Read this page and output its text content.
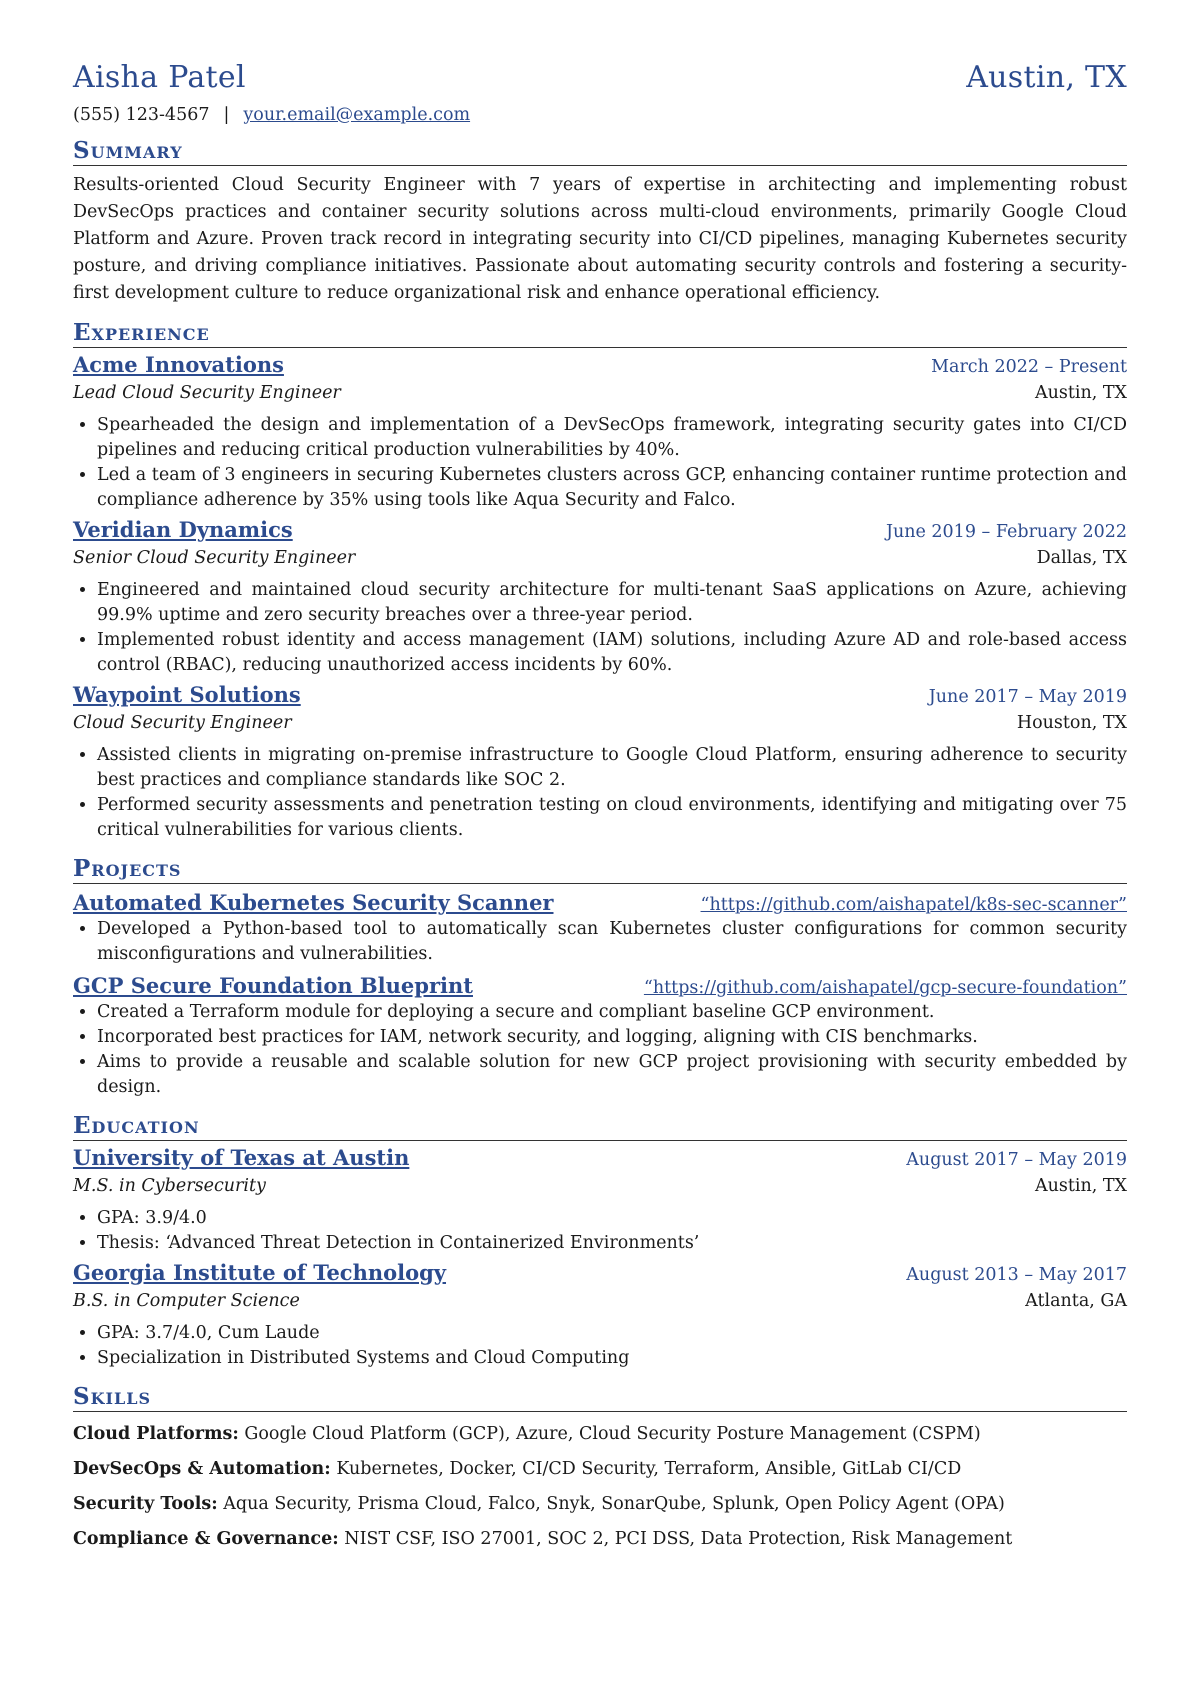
Aisha Patel	Austin, TX
(555) 123-4567 | your.email@example.com
Summary
Results-oriented Cloud Security Engineer with 7 years of expertise in architecting and implementing robust DevSecOps practices and container security solutions across multi-cloud environments, primarily Google Cloud Platform and Azure. Proven track record in integrating security into CI/CD pipelines, managing Kubernetes security posture, and driving compliance initiatives. Passionate about automating security controls and fostering a security-first development culture to reduce organizational risk and enhance operational efficiency.
Experience
Acme Innovations	March 2022 – Present
Lead Cloud Security Engineer	Austin, TX
• Spearheaded the design and implementation of a DevSecOps framework, integrating security gates into CI/CD pipelines and reducing critical production vulnerabilities by 40%.
• Led a team of 3 engineers in securing Kubernetes clusters across GCP, enhancing container runtime protection and compliance adherence by 35% using tools like Aqua Security and Falco.
Veridian Dynamics	June 2019 – February 2022
Senior Cloud Security Engineer	Dallas, TX
• Engineered and maintained cloud security architecture for multi-tenant SaaS applications on Azure, achieving 99.9% uptime and zero security breaches over a three-year period.
• Implemented robust identity and access management (IAM) solutions, including Azure AD and role-based access control (RBAC), reducing unauthorized access incidents by 60%.
Waypoint Solutions	June 2017 – May 2019
Cloud Security Engineer	Houston, TX
• Assisted clients in migrating on-premise infrastructure to Google Cloud Platform, ensuring adherence to security best practices and compliance standards like SOC 2.
• Performed security assessments and penetration testing on cloud environments, identifying and mitigating over 75 critical vulnerabilities for various clients.
Projects
Automated Kubernetes Security Scanner	“https://github.com/aishapatel/k8s-sec-scanner”
• Developed a Python-based tool to automatically scan Kubernetes cluster configurations for common security misconfigurations and vulnerabilities.
GCP Secure Foundation Blueprint	“https://github.com/aishapatel/gcp-secure-foundation”
• Created a Terraform module for deploying a secure and compliant baseline GCP environment.
• Incorporated best practices for IAM, network security, and logging, aligning with CIS benchmarks.
• Aims to provide a reusable and scalable solution for new GCP project provisioning with security embedded by design.
Education
University of Texas at Austin	August 2017 – May 2019
M.S. in Cybersecurity	Austin, TX
• GPA: 3.9/4.0
• Thesis: ‘Advanced Threat Detection in Containerized Environments’
Georgia Institute of Technology	August 2013 – May 2017
B.S. in Computer Science	Atlanta, GA
• GPA: 3.7/4.0, Cum Laude
• Specialization in Distributed Systems and Cloud Computing
Skills
Cloud Platforms: Google Cloud Platform (GCP), Azure, Cloud Security Posture Management (CSPM)
DevSecOps & Automation: Kubernetes, Docker, CI/CD Security, Terraform, Ansible, GitLab CI/CD
Security Tools: Aqua Security, Prisma Cloud, Falco, Snyk, SonarQube, Splunk, Open Policy Agent (OPA)
Compliance & Governance: NIST CSF, ISO 27001, SOC 2, PCI DSS, Data Protection, Risk Management
